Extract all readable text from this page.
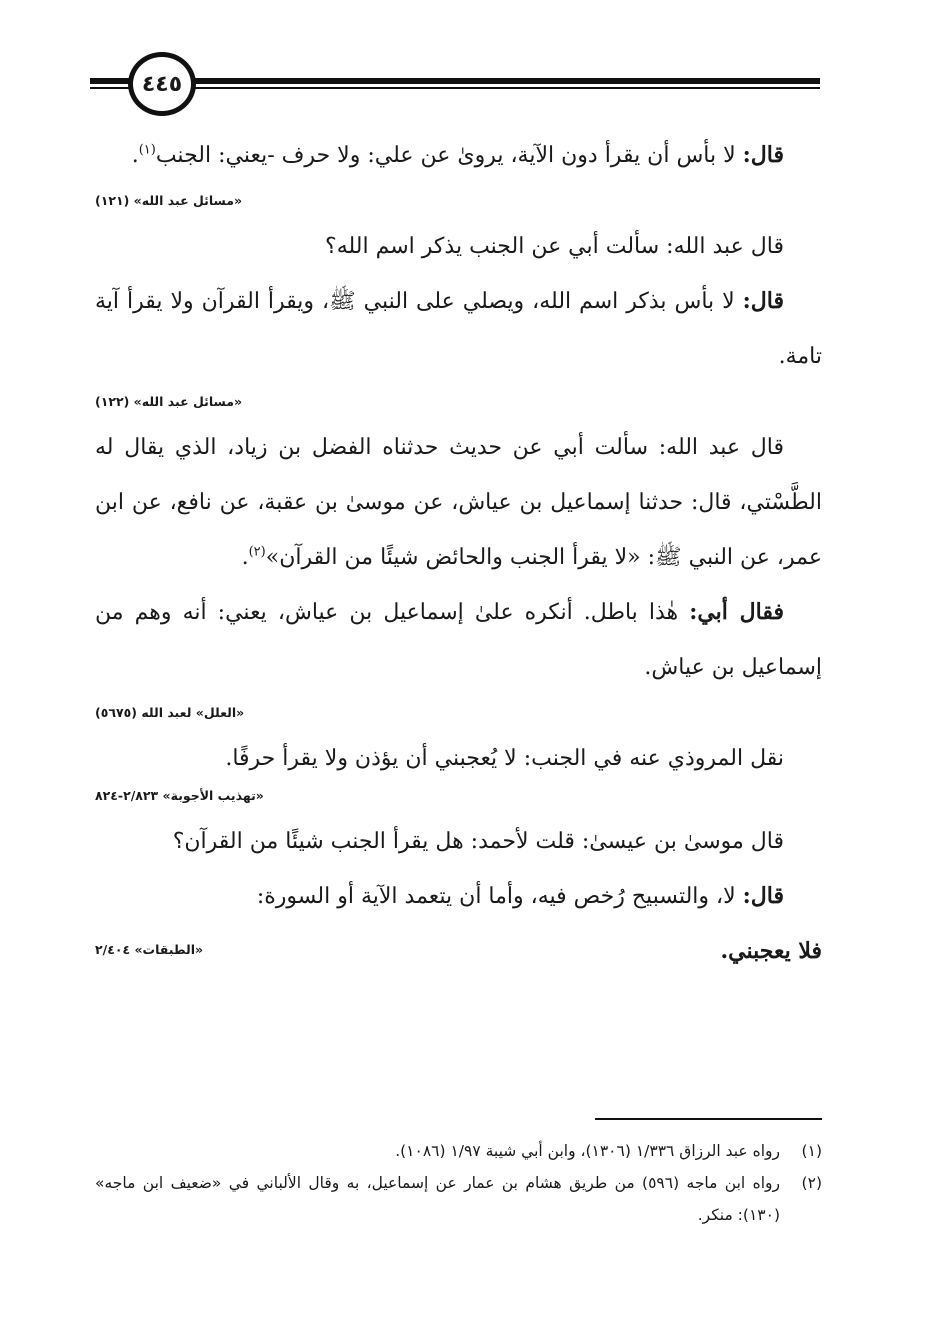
٤٤٥

قال: لا بأس أن يقرأ دون الآية، يروىٰ عن علي: ولا حرف -يعني: الجنب$^{(١)}$.

«مسائل عبد الله» (١٢١)

قال عبد الله: سألت أبي عن الجنب يذكر اسم الله؟

قال: لا بأس بذكر اسم الله، ويصلي على النبي ﷺ، ويقرأ القرآن ولا يقرأ آية تامة.

«مسائل عبد الله» (١٢٢)

قال عبد الله: سألت أبي عن حديث حدثناه الفضل بن زياد، الذي يقال له الطَّسْتي، قال: حدثنا إسماعيل بن عياش، عن موسىٰ بن عقبة، عن نافع، عن ابن عمر، عن النبي ﷺ: «لا يقرأ الجنب والحائض شيئًا من القرآن»$^{(٢)}$.

فقال أبي: هٰذا باطل. أنكره علىٰ إسماعيل بن عياش، يعني: أنه وهم من إسماعيل بن عياش.

«العلل» لعبد الله (٥٦٧٥)

نقل المروذي عنه في الجنب: لا يُعجبني أن يؤذن ولا يقرأ حرفًا.

«تهذيب الأجوبة» ٢/٨٢٣-٨٢٤

قال موسىٰ بن عيسىٰ: قلت لأحمد: هل يقرأ الجنب شيئًا من القرآن؟

قال: لا، والتسبيح رُخص فيه، وأما أن يتعمد الآية أو السورة:

فلا يعجبني.
«الطبقات» ٢/٤٠٤
(١)
رواه عبد الرزاق ١/٣٣٦ (١٣٠٦)، وابن أبي شيبة ١/٩٧ (١٠٨٦).
(٢)
رواه ابن ماجه (٥٩٦) من طريق هشام بن عمار عن إسماعيل، به وقال الألباني في «ضعيف ابن ماجه» (١٣٠): منكر.
